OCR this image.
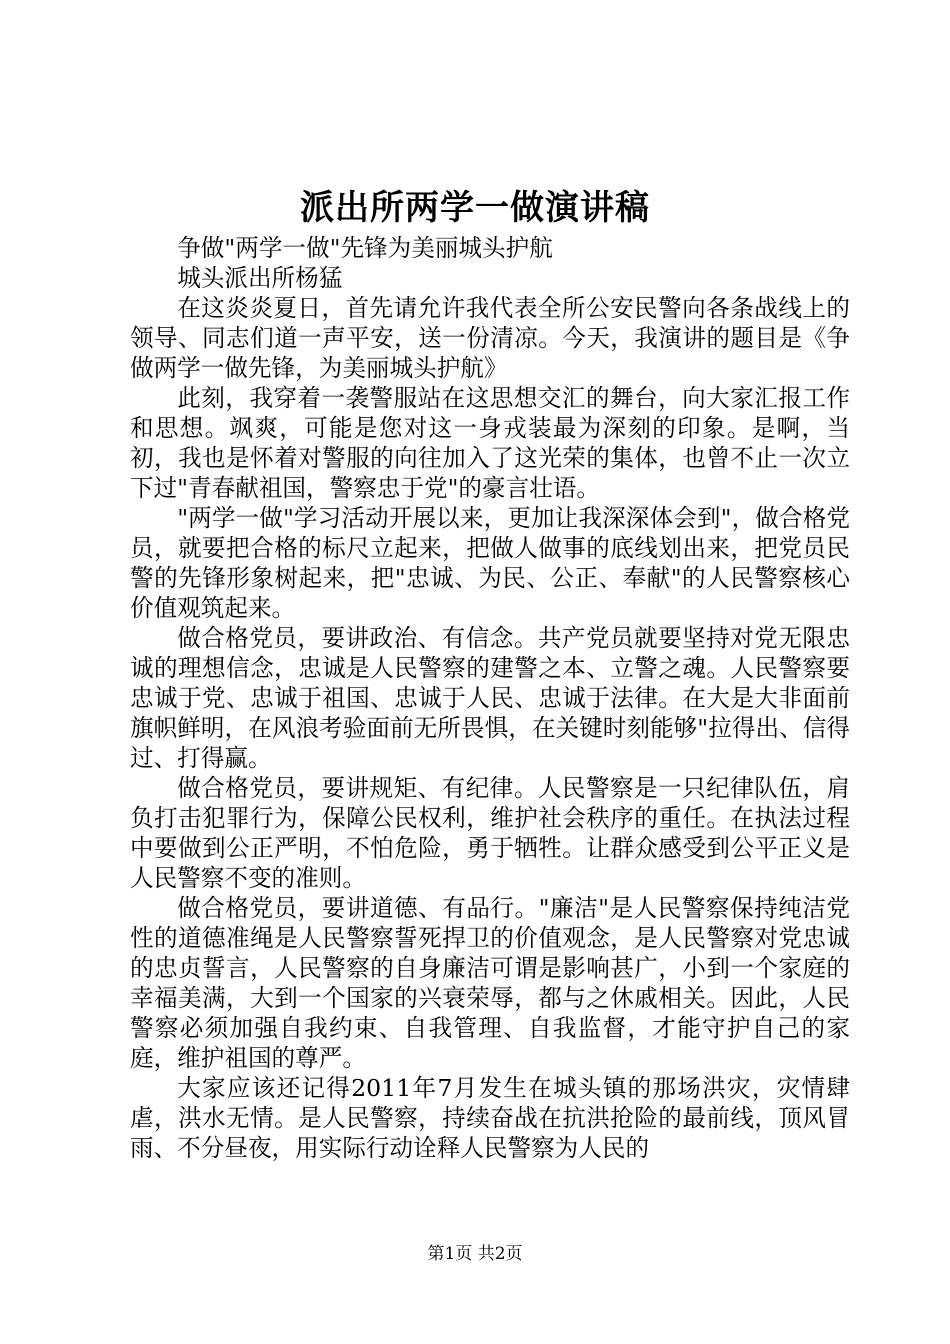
派出所两学一做演讲稿

争做"两学一做"先锋为美丽城头护航

城头派出所杨猛

在这炎炎夏日，首先请允许我代表全所公安民警向各条战线上的领导、同志们道一声平安，送一份清凉。今天，我演讲的题目是《争做两学一做先锋，为美丽城头护航》

此刻，我穿着一袭警服站在这思想交汇的舞台，向大家汇报工作和思想。飒爽，可能是您对这一身戎装最为深刻的印象。是啊，当初，我也是怀着对警服的向往加入了这光荣的集体，也曾不止一次立下过"青春献祖国，警察忠于党"的豪言壮语。

"两学一做"学习活动开展以来，更加让我深深体会到"，做合格党员，就要把合格的标尺立起来，把做人做事的底线划出来，把党员民警的先锋形象树起来，把"忠诚、为民、公正、奉献"的人民警察核心价值观筑起来。

做合格党员，要讲政治、有信念。共产党员就要坚持对党无限忠诚的理想信念，忠诚是人民警察的建警之本、立警之魂。人民警察要忠诚于党、忠诚于祖国、忠诚于人民、忠诚于法律。在大是大非面前旗帜鲜明，在风浪考验面前无所畏惧，在关键时刻能够"拉得出、信得过、打得赢。

做合格党员，要讲规矩、有纪律。人民警察是一只纪律队伍，肩负打击犯罪行为，保障公民权利，维护社会秩序的重任。在执法过程中要做到公正严明，不怕危险，勇于牺牲。让群众感受到公平正义是人民警察不变的准则。

做合格党员，要讲道德、有品行。"廉洁"是人民警察保持纯洁党性的道德准绳是人民警察誓死捍卫的价值观念，是人民警察对党忠诚的忠贞誓言，人民警察的自身廉洁可谓是影响甚广，小到一个家庭的幸福美满，大到一个国家的兴衰荣辱，都与之休戚相关。因此，人民警察必须加强自我约束、自我管理、自我监督，才能守护自己的家庭，维护祖国的尊严。

大家应该还记得2011年7月发生在城头镇的那场洪灾，灾情肆虐，洪水无情。是人民警察，持续奋战在抗洪抢险的最前线，顶风冒雨、不分昼夜，用实际行动诠释人民警察为人民的

第1页 共2页
